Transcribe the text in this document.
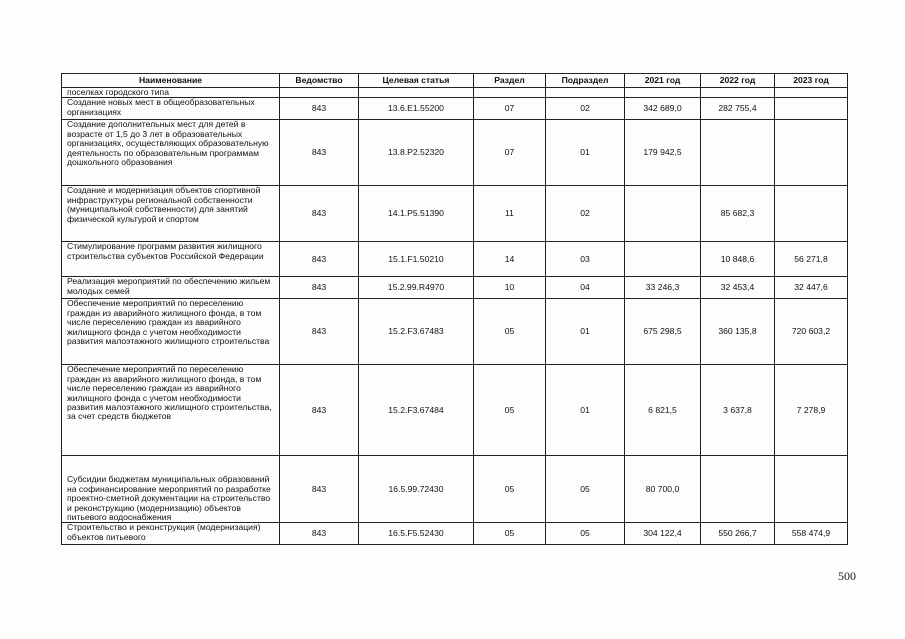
Наименование	Ведомство	Целевая статья	Раздел	Подраздел	2021 год	2022 год	2023 год
поселках городского типа							
Создание новых мест в общеобразовательных организациях	843	13.6.E1.55200	07	02	342 689,0	282 755,4	
Создание дополнительных мест для детей в возрасте от 1,5 до 3 лет в образовательных организациях, осуществляющих образовательную деятельность по образовательным программам дошкольного образования	843	13.8.P2.52320	07	01	179 942,5		
Создание и модернизация объектов спортивной инфраструктуры региональной собственности (муниципальной собственности) для занятий физической культурой и спортом	843	14.1.P5.51390	11	02		85 682,3	
Стимулирование программ развития жилищного строительства субъектов Российской Федерации	843	15.1.F1.50210	14	03		10 848,6	56 271,8
Реализация мероприятий по обеспечению жильем молодых семей	843	15.2.99.R4970	10	04	33 246,3	32 453,4	32 447,6
Обеспечение мероприятий по переселению граждан из аварийного жилищного фонда, в том числе переселению граждан из аварийного жилищного фонда с учетом необходимости развития малоэтажного жилищного строительства	843	15.2.F3.67483	05	01	675 298,5	360 135,8	720 603,2
Обеспечение мероприятий по переселению граждан из аварийного жилищного фонда, в том числе переселению граждан из аварийного жилищного фонда с учетом необходимости развития малоэтажного жилищного строительства, за счет средств бюджетов	843	15.2.F3.67484	05	01	6 821,5	3 637,8	7 278,9
Субсидии бюджетам муниципальных образований на софинансирование мероприятий по разработке проектно-сметной документации на строительство и реконструкцию (модернизацию) объектов питьевого водоснабжения	843	16.5.99.72430	05	05	80 700,0		
Строительство и реконструкция (модернизация) объектов питьевого	843	16.5.F5.52430	05	05	304 122,4	550 266,7	558 474,9
500
